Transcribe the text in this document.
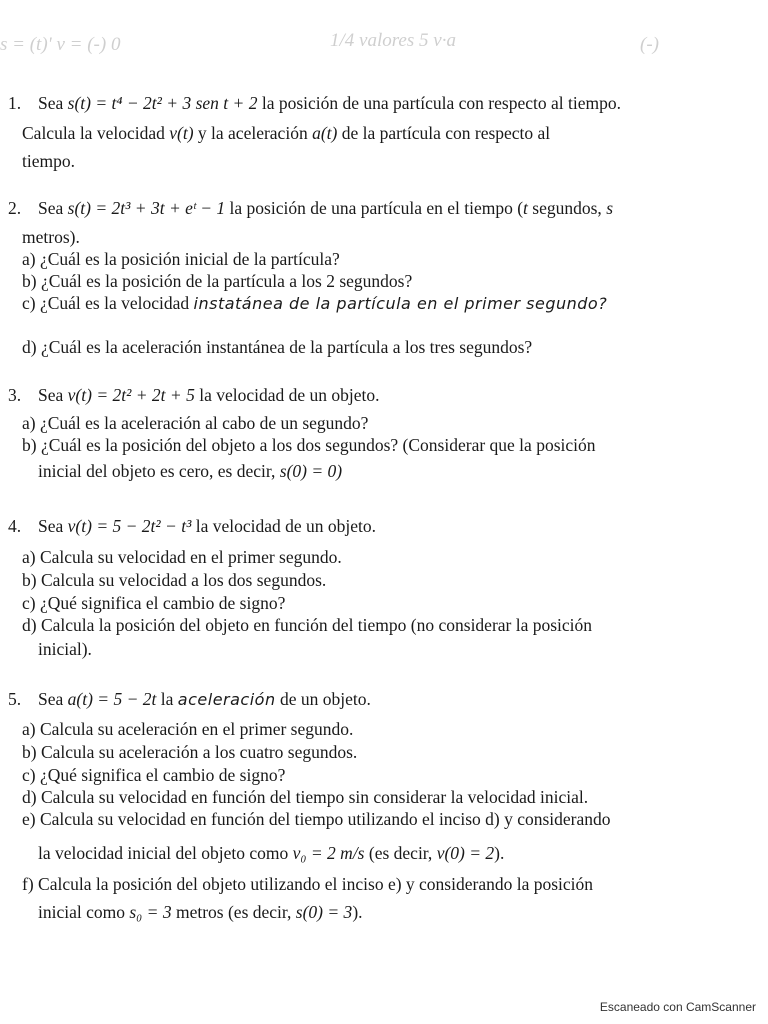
s = (t)' v = (-) 0	1/4 valores 5 v·a	(-)
1. Sea s(t) = t⁴ − 2t² + 3 sen t + 2 la posición de una partícula con respecto al tiempo.
Calcula la velocidad v(t) y la aceleración a(t) de la partícula con respecto al
tiempo.
2. Sea s(t) = 2t³ + 3t + eᵗ − 1 la posición de una partícula en el tiempo (t segundos, s
metros).
a) ¿Cuál es la posición inicial de la partícula?
b) ¿Cuál es la posición de la partícula a los 2 segundos?
c) ¿Cuál es la velocidad instatánea de la partícula en el primer segundo?
d) ¿Cuál es la aceleración instantánea de la partícula a los tres segundos?
3. Sea v(t) = 2t² + 2t + 5 la velocidad de un objeto.
a) ¿Cuál es la aceleración al cabo de un segundo?
b) ¿Cuál es la posición del objeto a los dos segundos? (Considerar que la posición
inicial del objeto es cero, es decir, s(0) = 0)
4. Sea v(t) = 5 − 2t² − t³ la velocidad de un objeto.
a) Calcula su velocidad en el primer segundo.
b) Calcula su velocidad a los dos segundos.
c) ¿Qué significa el cambio de signo?
d) Calcula la posición del objeto en función del tiempo (no considerar la posición
inicial).
5. Sea a(t) = 5 − 2t la aceleración de un objeto.
a) Calcula su aceleración en el primer segundo.
b) Calcula su aceleración a los cuatro segundos.
c) ¿Qué significa el cambio de signo?
d) Calcula su velocidad en función del tiempo sin considerar la velocidad inicial.
e) Calcula su velocidad en función del tiempo utilizando el inciso d) y considerando
la velocidad inicial del objeto como v₀ = 2 m/s (es decir, v(0) = 2).
f) Calcula la posición del objeto utilizando el inciso e) y considerando la posición
inicial como s₀ = 3 metros (es decir, s(0) = 3).
Escaneado con CamScanner
